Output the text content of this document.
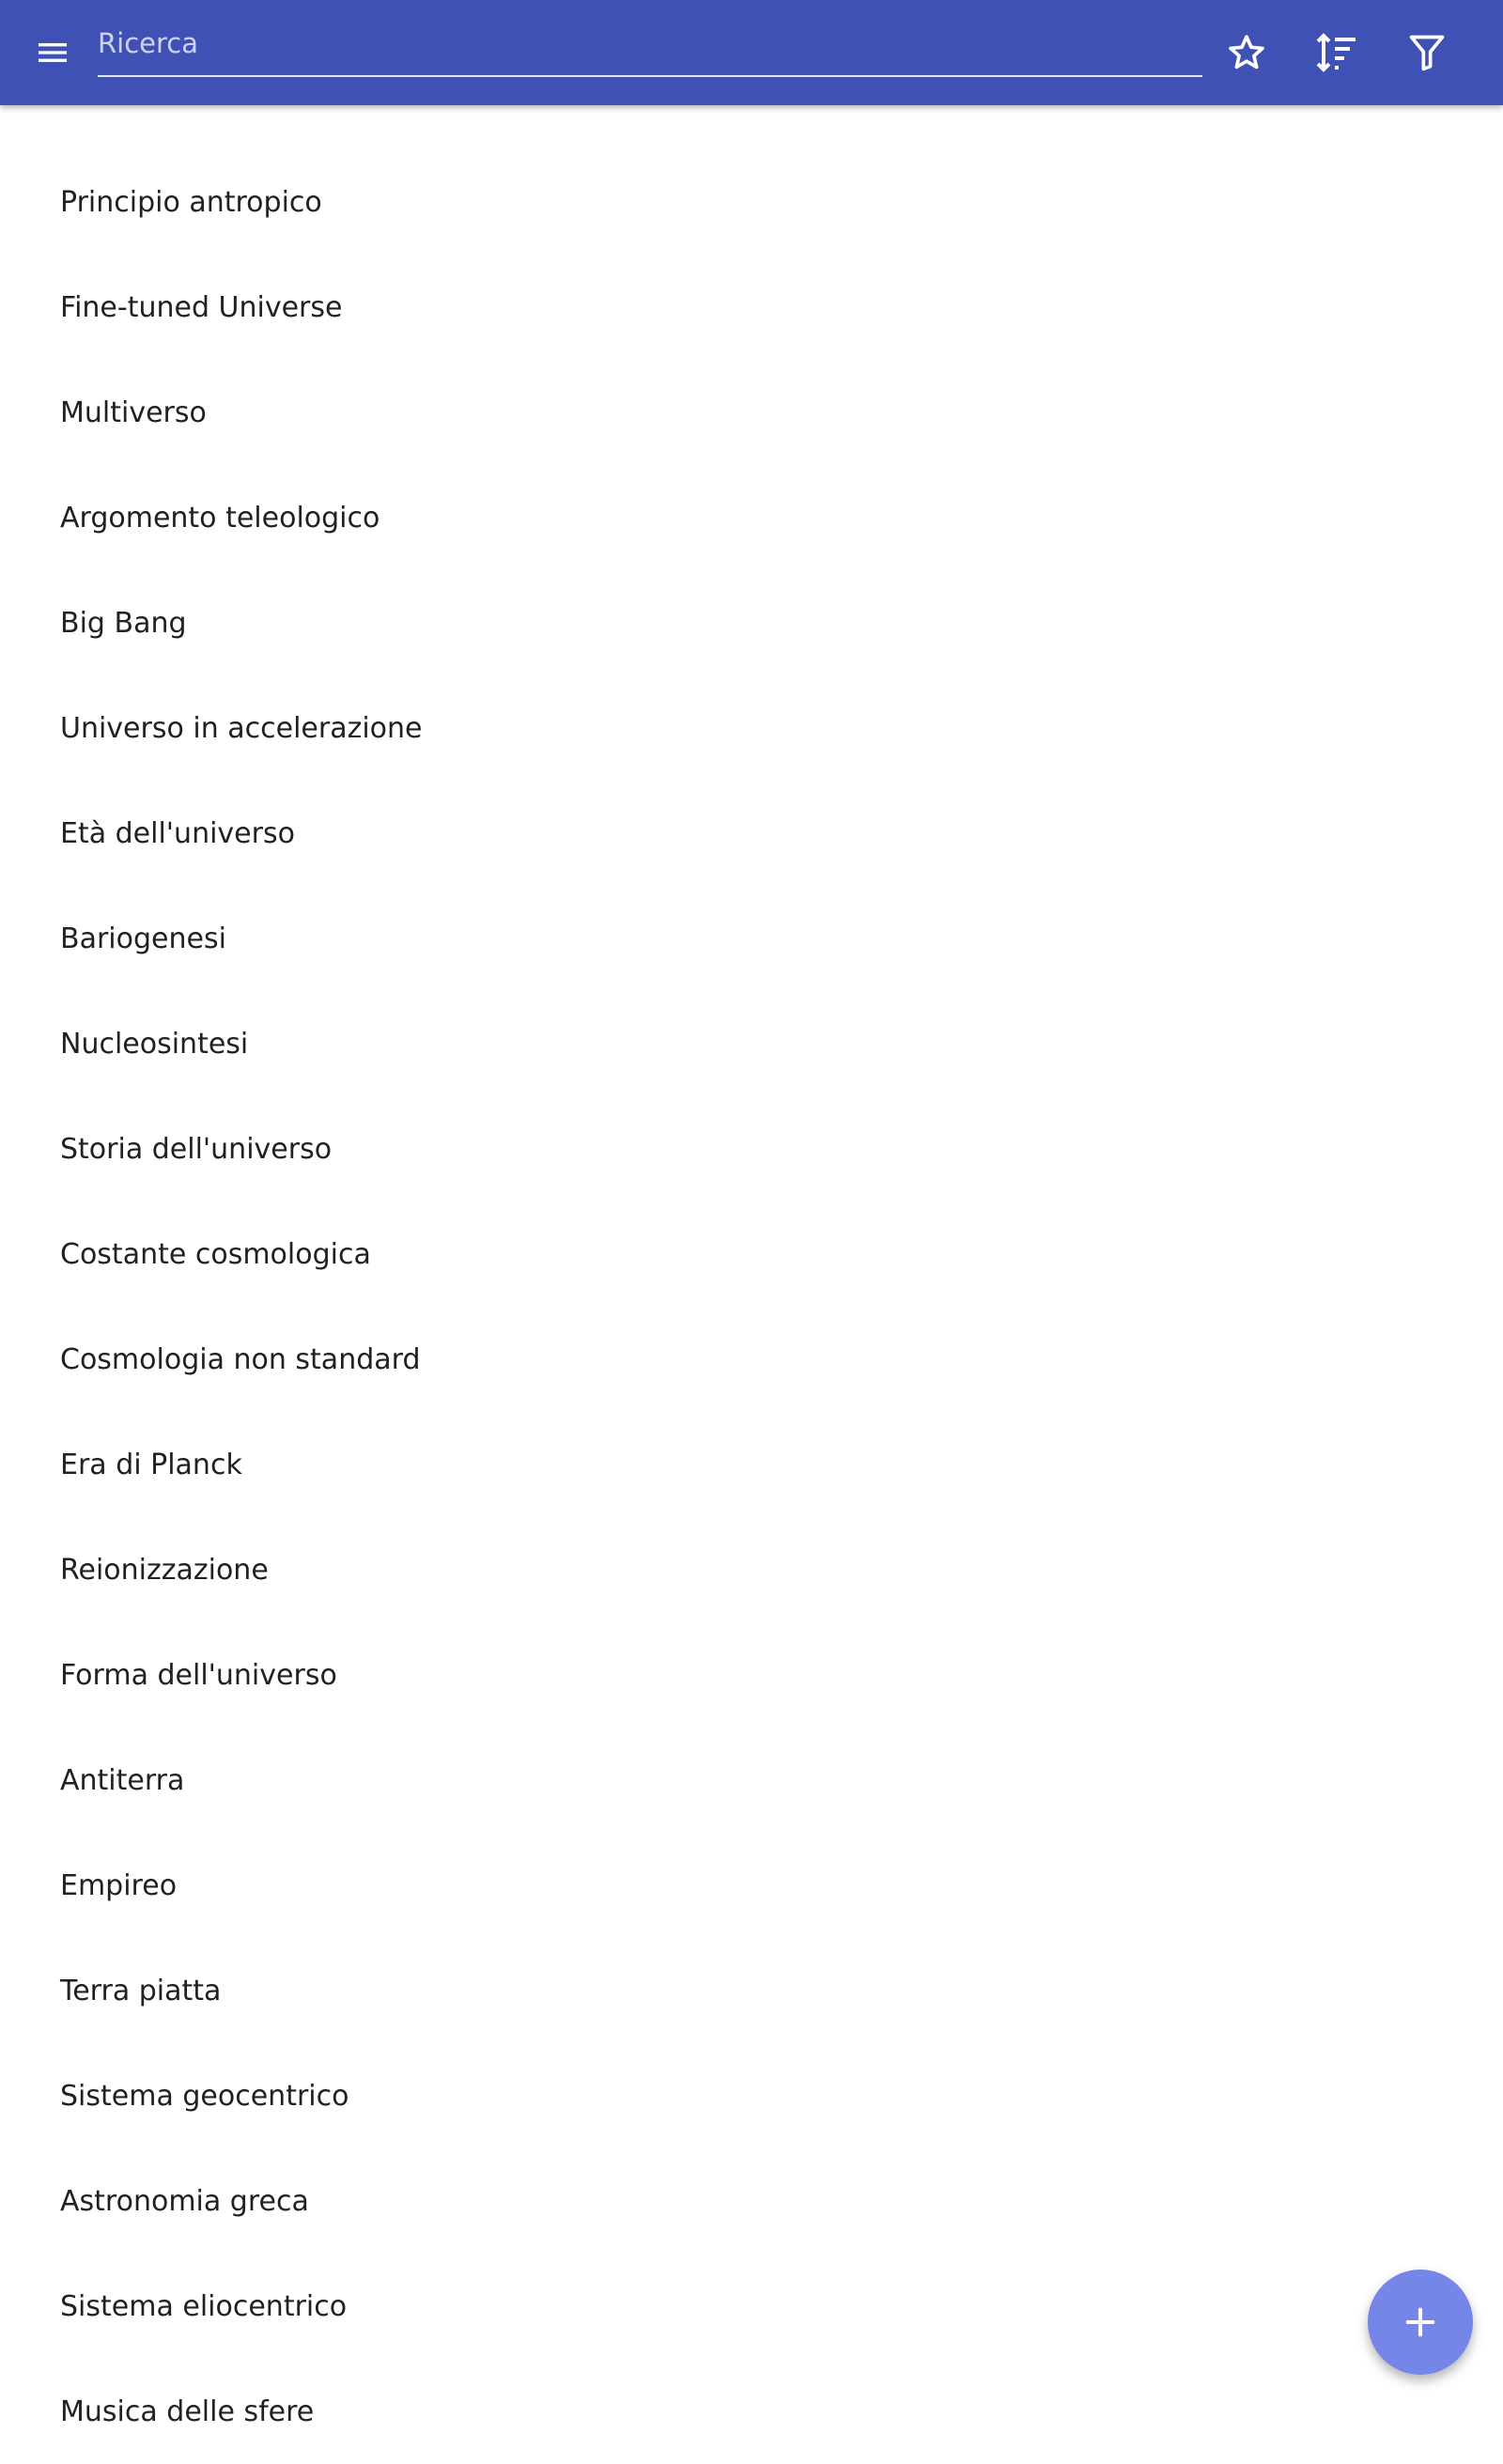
Ricerca
Principio antropico
Fine-tuned Universe
Multiverso
Argomento teleologico
Big Bang
Universo in accelerazione
Età dell'universo
Bariogenesi
Nucleosintesi
Storia dell'universo
Costante cosmologica
Cosmologia non standard
Era di Planck
Reionizzazione
Forma dell'universo
Antiterra
Empireo
Terra piatta
Sistema geocentrico
Astronomia greca
Sistema eliocentrico
Musica delle sfere
